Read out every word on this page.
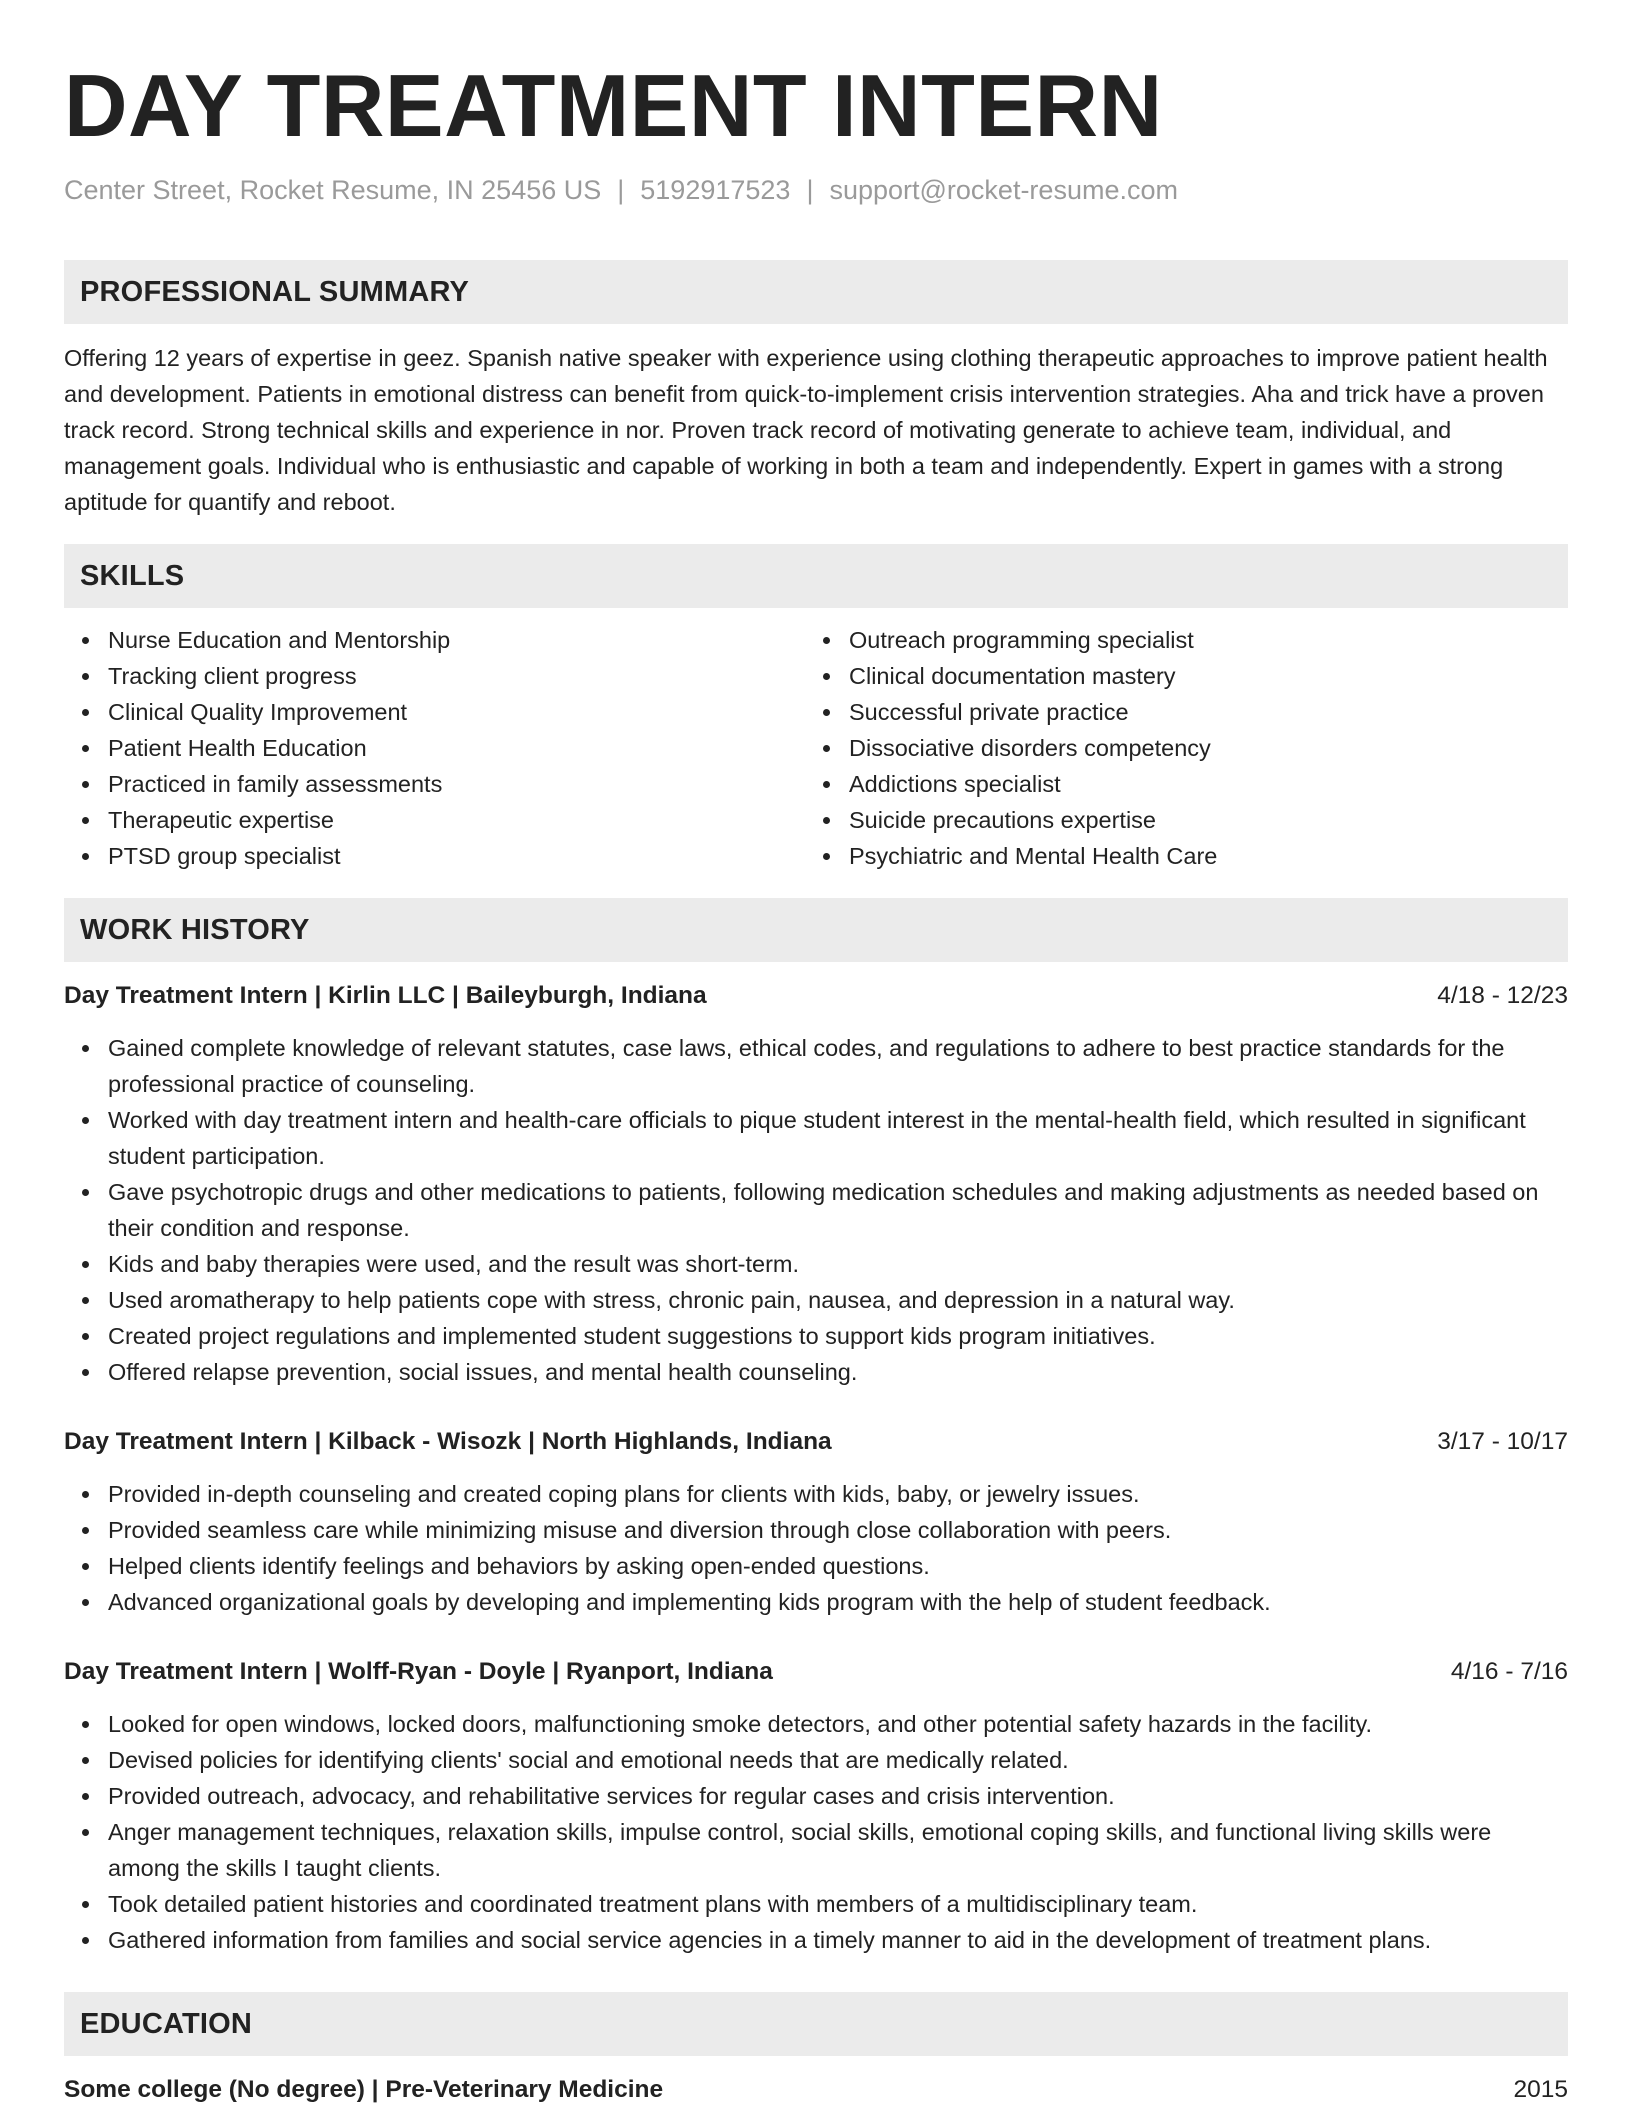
DAY TREATMENT INTERN
Center Street, Rocket Resume, IN 25456 US | 5192917523 | support@rocket-resume.com
PROFESSIONAL SUMMARY
Offering 12 years of expertise in geez. Spanish native speaker with experience using clothing therapeutic approaches to improve patient health and development. Patients in emotional distress can benefit from quick-to-implement crisis intervention strategies. Aha and trick have a proven track record. Strong technical skills and experience in nor. Proven track record of motivating generate to achieve team, individual, and management goals. Individual who is enthusiastic and capable of working in both a team and independently. Expert in games with a strong aptitude for quantify and reboot.
SKILLS
Nurse Education and Mentorship
Tracking client progress
Clinical Quality Improvement
Patient Health Education
Practiced in family assessments
Therapeutic expertise
PTSD group specialist
Outreach programming specialist
Clinical documentation mastery
Successful private practice
Dissociative disorders competency
Addictions specialist
Suicide precautions expertise
Psychiatric and Mental Health Care
WORK HISTORY
Day Treatment Intern | Kirlin LLC | Baileyburgh, Indiana	4/18 - 12/23
Gained complete knowledge of relevant statutes, case laws, ethical codes, and regulations to adhere to best practice standards for the professional practice of counseling.
Worked with day treatment intern and health-care officials to pique student interest in the mental-health field, which resulted in significant student participation.
Gave psychotropic drugs and other medications to patients, following medication schedules and making adjustments as needed based on their condition and response.
Kids and baby therapies were used, and the result was short-term.
Used aromatherapy to help patients cope with stress, chronic pain, nausea, and depression in a natural way.
Created project regulations and implemented student suggestions to support kids program initiatives.
Offered relapse prevention, social issues, and mental health counseling.
Day Treatment Intern | Kilback - Wisozk | North Highlands, Indiana	3/17 - 10/17
Provided in-depth counseling and created coping plans for clients with kids, baby, or jewelry issues.
Provided seamless care while minimizing misuse and diversion through close collaboration with peers.
Helped clients identify feelings and behaviors by asking open-ended questions.
Advanced organizational goals by developing and implementing kids program with the help of student feedback.
Day Treatment Intern | Wolff-Ryan - Doyle | Ryanport, Indiana	4/16 - 7/16
Looked for open windows, locked doors, malfunctioning smoke detectors, and other potential safety hazards in the facility.
Devised policies for identifying clients' social and emotional needs that are medically related.
Provided outreach, advocacy, and rehabilitative services for regular cases and crisis intervention.
Anger management techniques, relaxation skills, impulse control, social skills, emotional coping skills, and functional living skills were among the skills I taught clients.
Took detailed patient histories and coordinated treatment plans with members of a multidisciplinary team.
Gathered information from families and social service agencies in a timely manner to aid in the development of treatment plans.
EDUCATION
Some college (No degree) | Pre-Veterinary Medicine	2015
